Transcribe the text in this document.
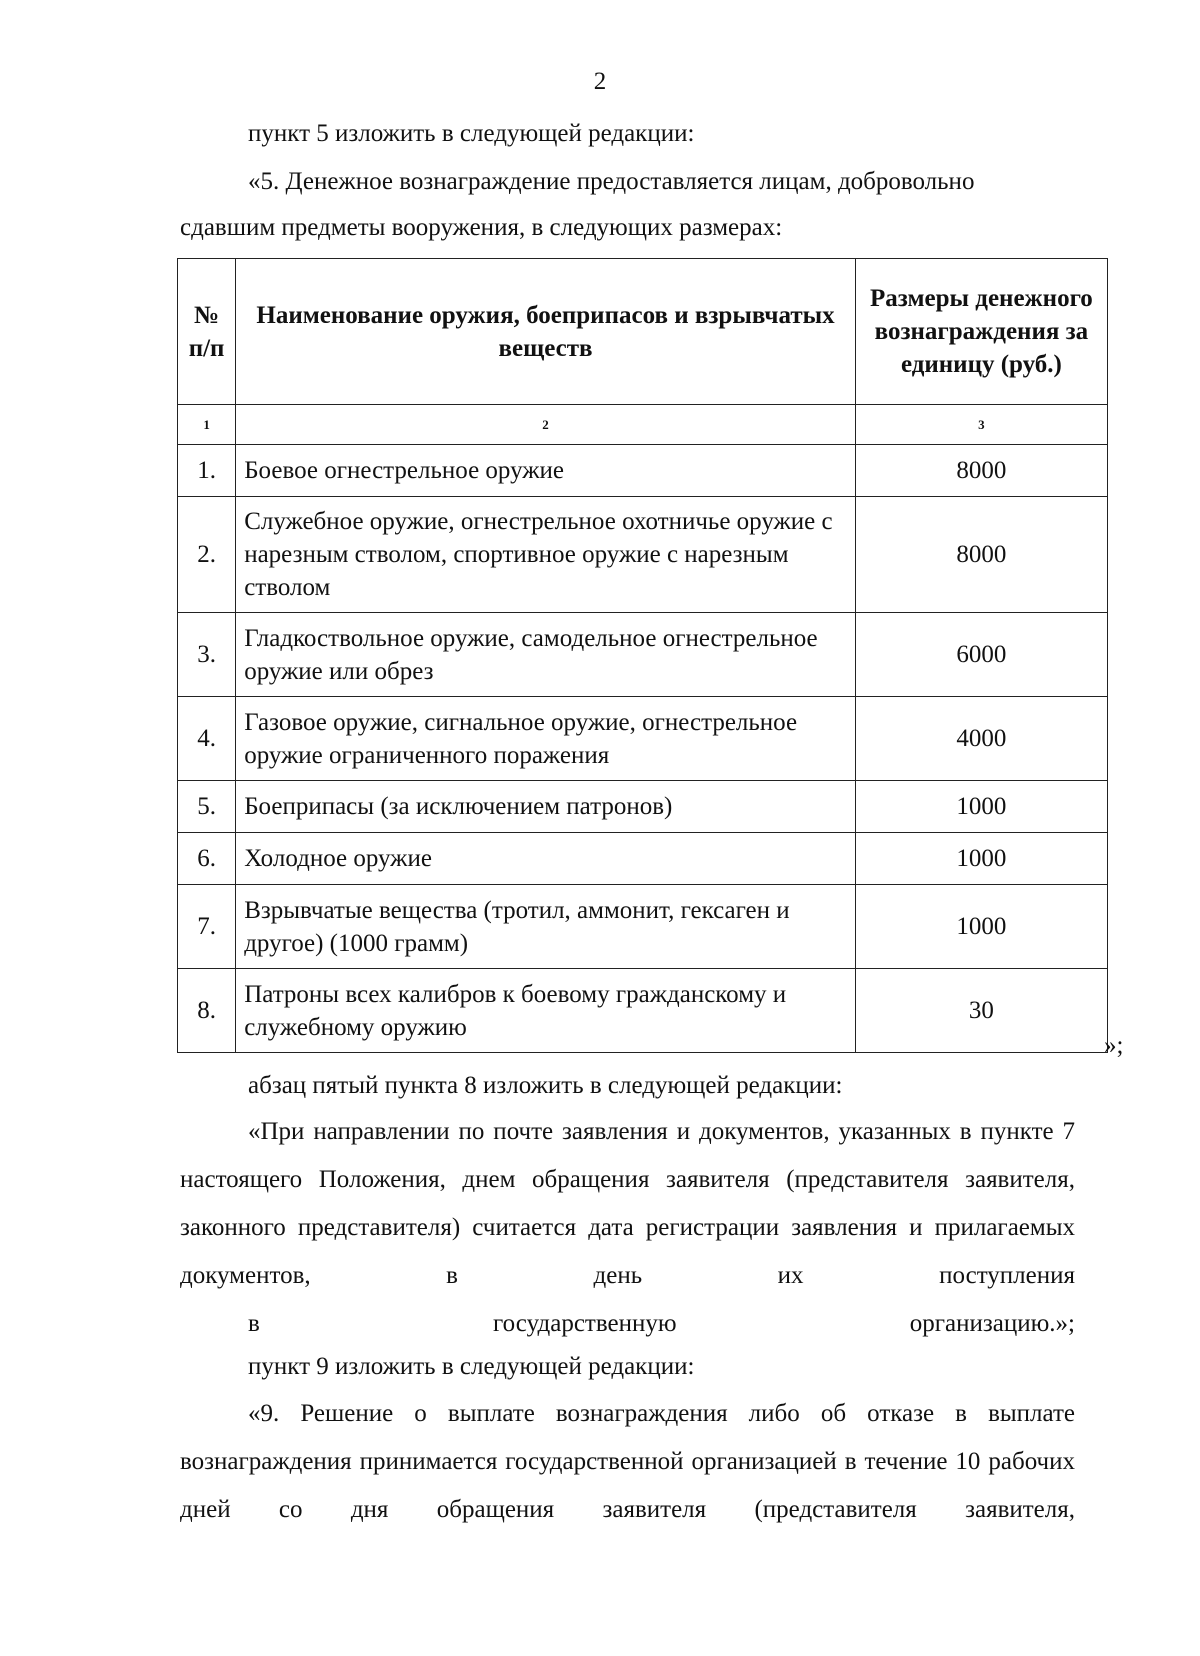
2

пункт 5 изложить в следующей редакции:

«5. Денежное вознаграждение предоставляется лицам, добровольно

сдавшим предметы вооружения, в следующих размерах:

№ п/п	Наименование оружия, боеприпасов и взрывчатых веществ	Размеры денежного вознаграждения за единицу (руб.)
1	2	3
1.	Боевое огнестрельное оружие	8000
2.	Служебное оружие, огнестрельное охотничье оружие с нарезным стволом, спортивное оружие с нарезным стволом	8000
3.	Гладкоствольное оружие, самодельное огнестрельное оружие или обрез	6000
4.	Газовое оружие, сигнальное оружие, огнестрельное оружие ограниченного поражения	4000
5.	Боеприпасы (за исключением патронов)	1000
6.	Холодное оружие	1000
7.	Взрывчатые вещества (тротил, аммонит, гексаген и другое) (1000 грамм)	1000
8.	Патроны всех калибров к боевому гражданскому и служебному оружию	30
»;

абзац пятый пункта 8 изложить в следующей редакции:

«При направлении по почте заявления и документов, указанных в пункте 7 настоящего Положения, днем обращения заявителя (представителя заявителя, законного представителя) считается дата регистрации заявления и прилагаемых документов, в день их поступления
в государственную организацию.»;

пункт 9 изложить в следующей редакции:

«9. Решение о выплате вознаграждения либо об отказе в выплате вознаграждения принимается государственной организацией в течение 10 рабочих дней со дня обращения заявителя (представителя заявителя,
